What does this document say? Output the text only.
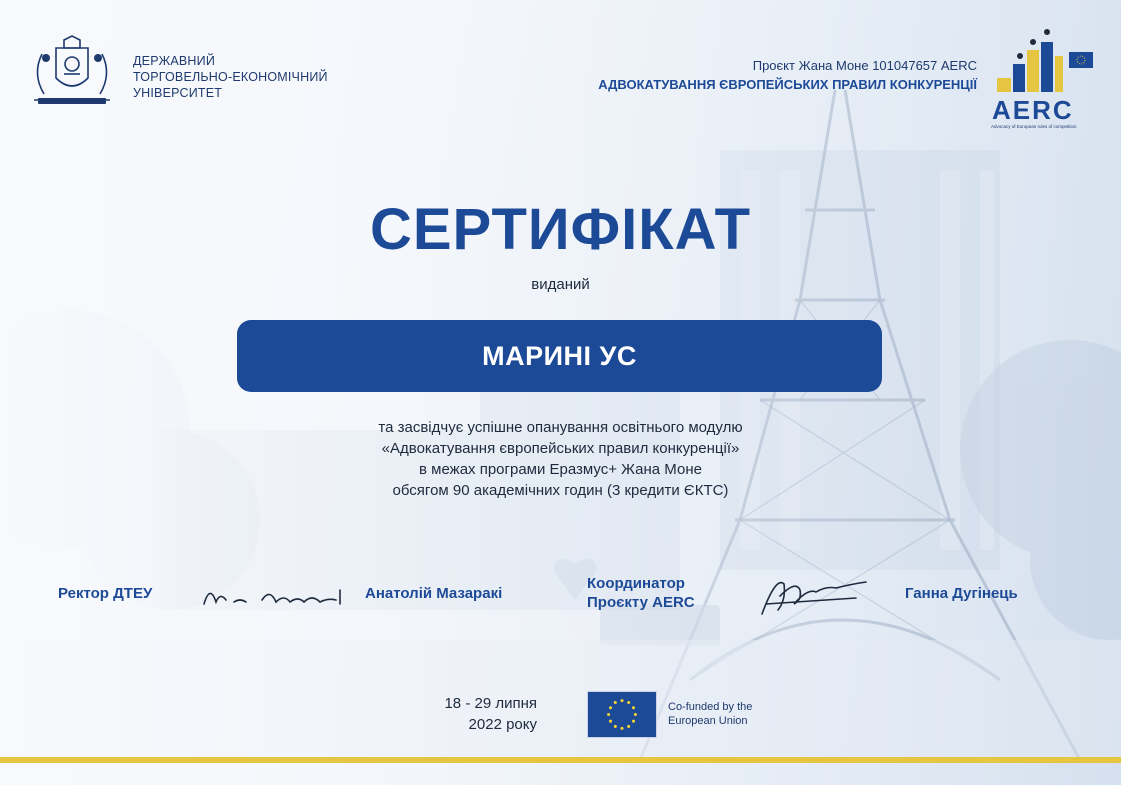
ДЕРЖАВНИЙ
ТОРГОВЕЛЬНО-ЕКОНОМІЧНИЙ
УНІВЕРСИТЕТ
Проєкт Жана Моне 101047657 AERC
АДВОКАТУВАННЯ ЄВРОПЕЙСЬКИХ ПРАВИЛ КОНКУРЕНЦІЇ
AERC
Advocacy of European rules of competition
СЕРТИФІКАТ
виданий
МАРИНІ УС
та засвідчує успішне опанування освітнього модулю
«Адвокатування європейських правил конкуренції»
в межах програми Еразмус+ Жана Моне
обсягом 90 академічних годин (3 кредити ЄКТС)
Ректор ДТЕУ	Анатолій Мазаракі
Координатор
Проєкту AERC
Ганна Дугінець
18 - 29 липня
2022 року
Co-funded by the
European Union
